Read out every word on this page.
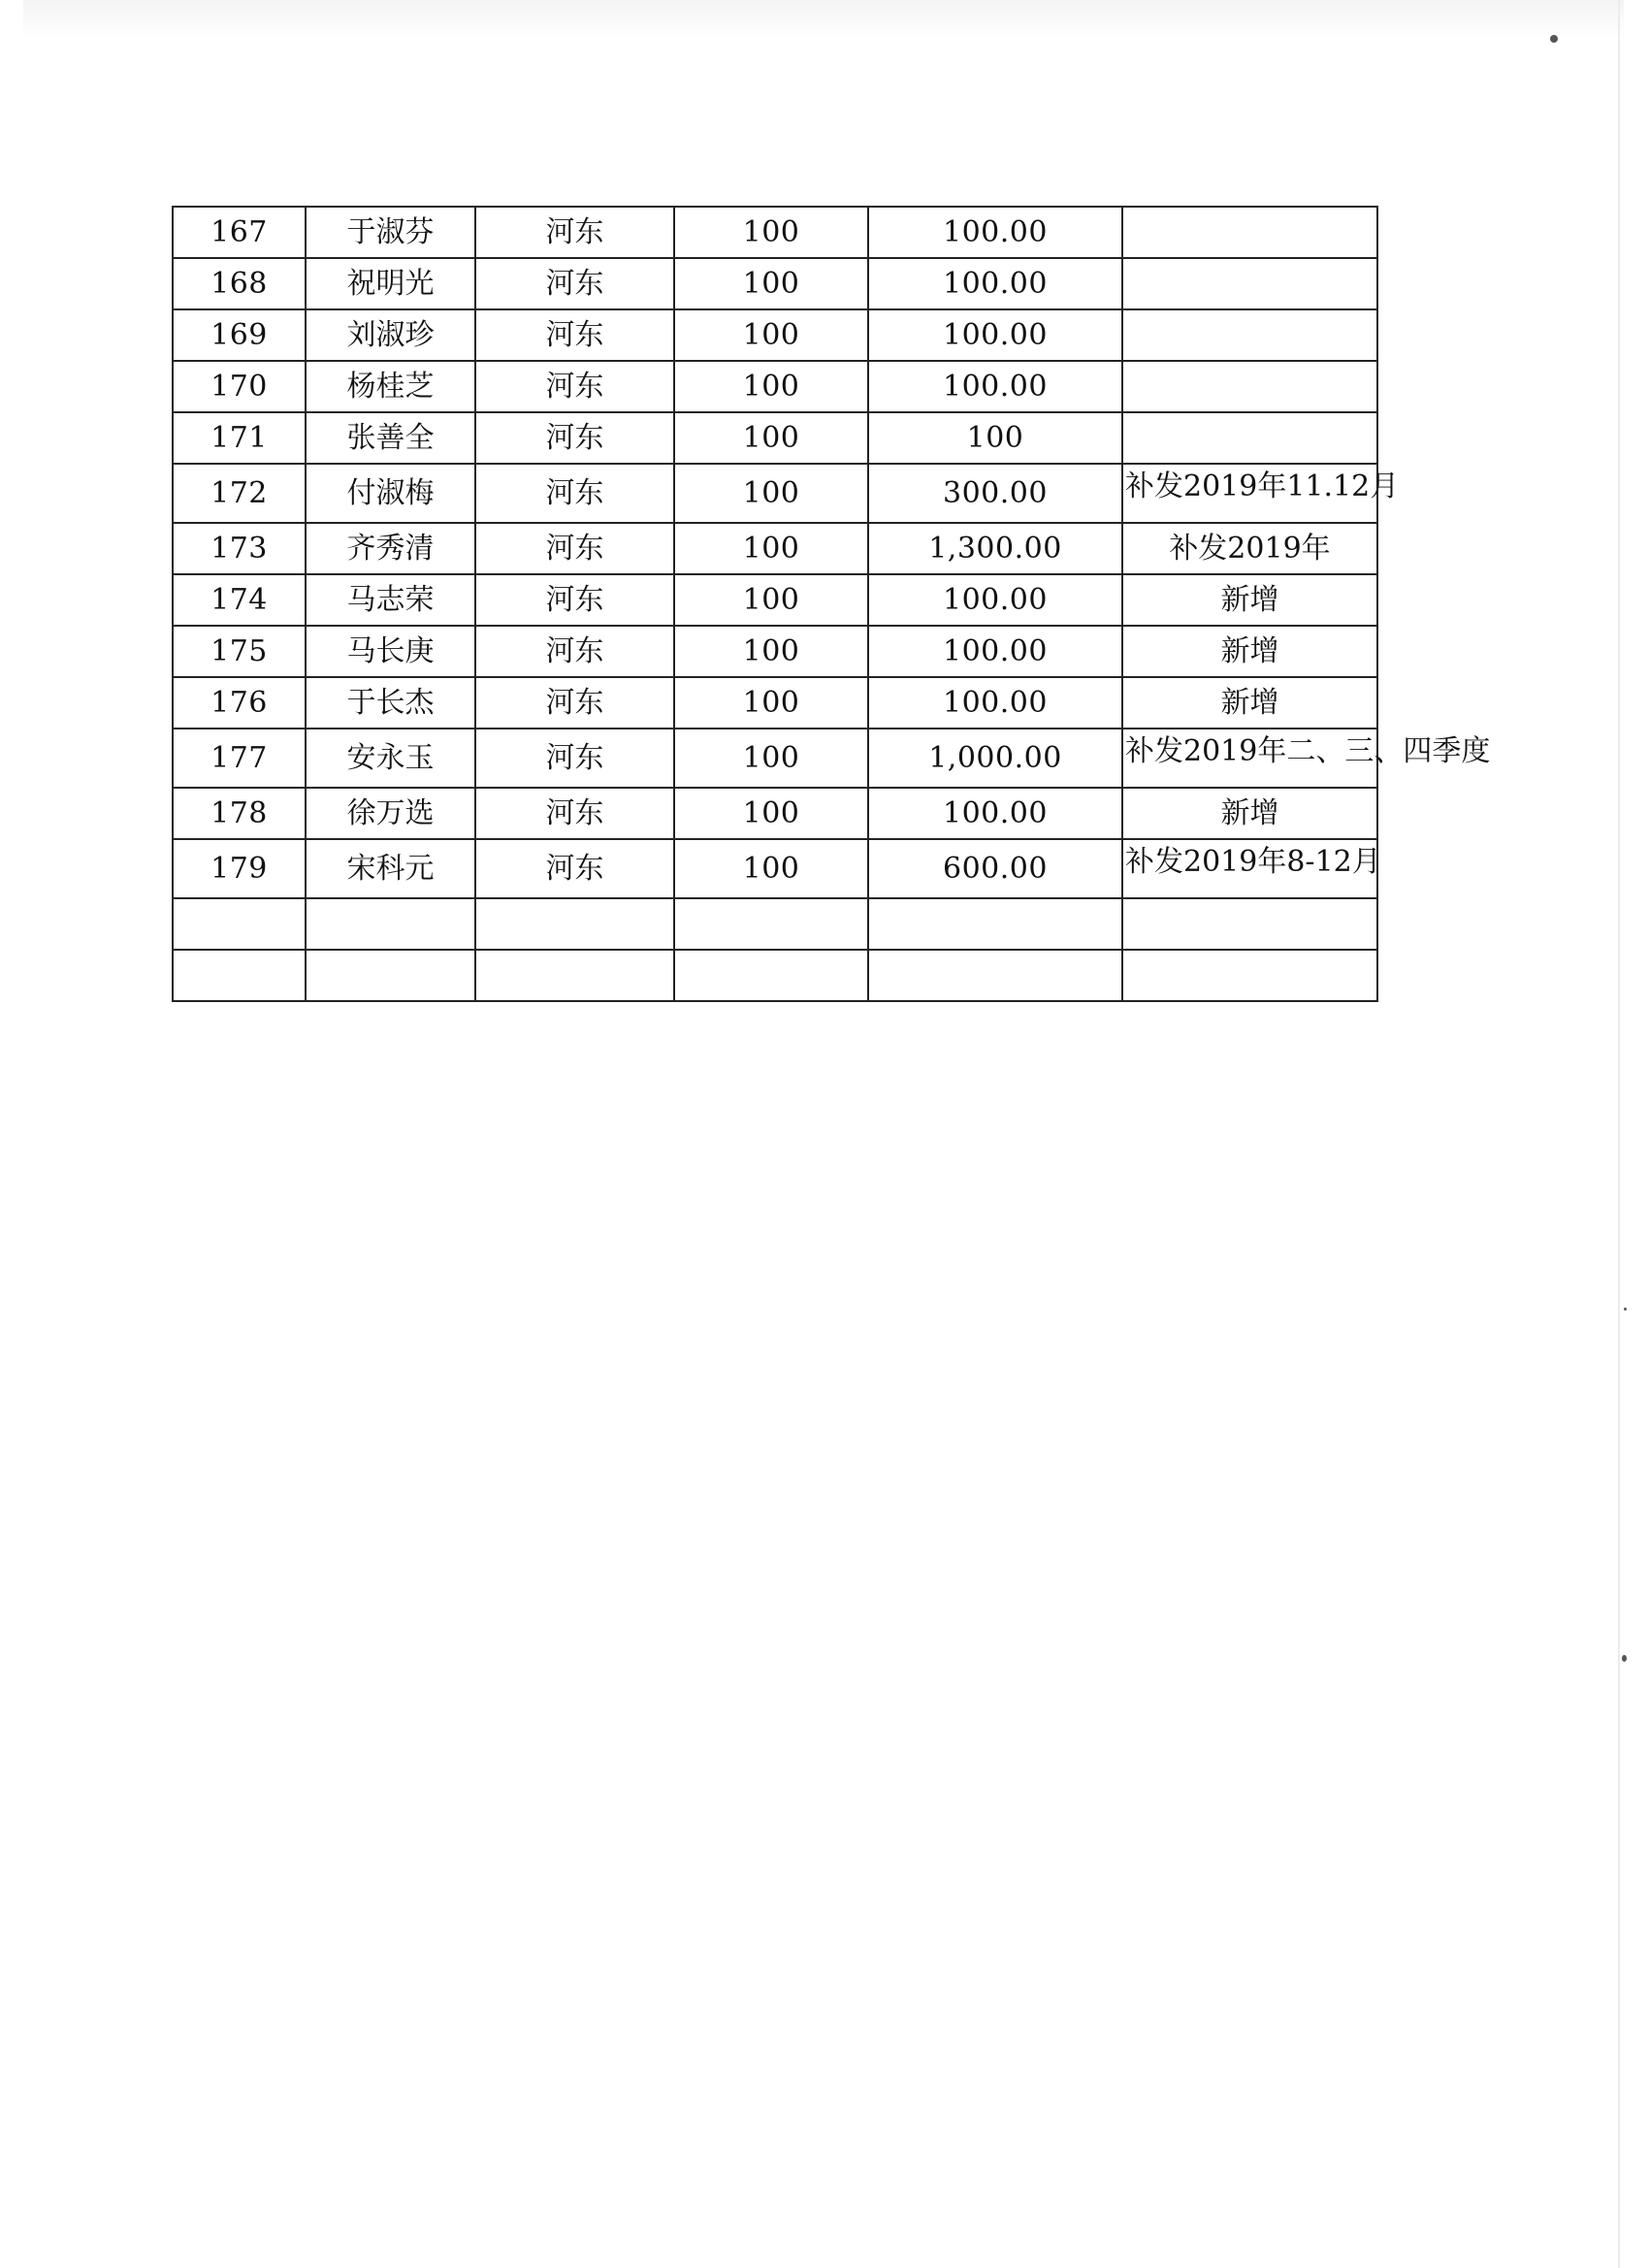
167	于淑芬	河东	100	100.00	
168	祝明光	河东	100	100.00	
169	刘淑珍	河东	100	100.00	
170	杨桂芝	河东	100	100.00	
171	张善全	河东	100	100	
172	付淑梅	河东	100	300.00	补发2019年11.12月
173	齐秀清	河东	100	1,300.00	补发2019年
174	马志荣	河东	100	100.00	新增
175	马长庚	河东	100	100.00	新增
176	于长杰	河东	100	100.00	新增
177	安永玉	河东	100	1,000.00	补发2019年二、三、四季度
178	徐万选	河东	100	100.00	新增
179	宋科元	河东	100	600.00	补发2019年8-12月
